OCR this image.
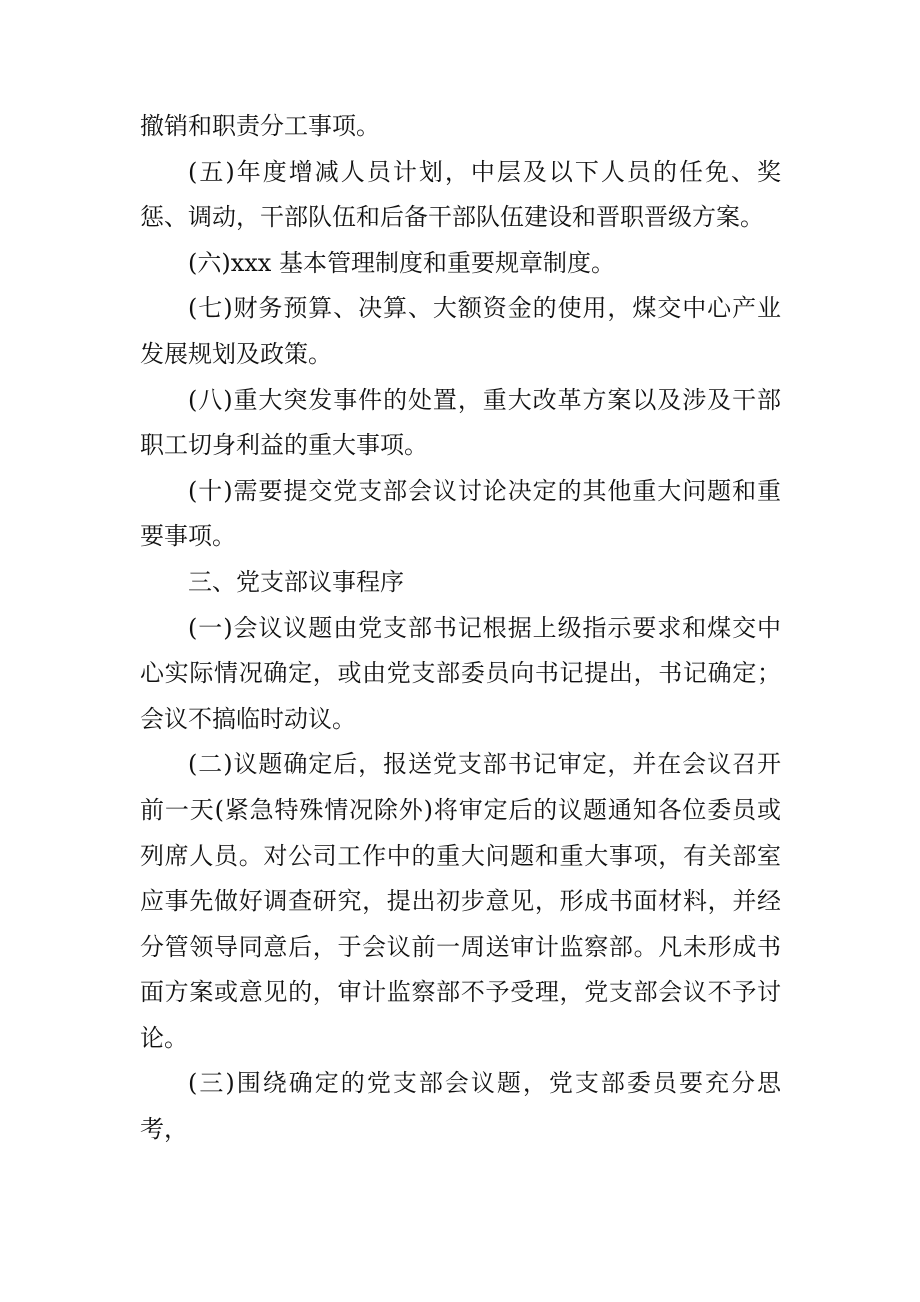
撤销和职责分工事项。

(五)年度增减人员计划，中层及以下人员的任免、奖惩、调动，干部队伍和后备干部队伍建设和晋职晋级方案。

(六)xxx 基本管理制度和重要规章制度。

(七)财务预算、决算、大额资金的使用，煤交中心产业发展规划及政策。

(八)重大突发事件的处置，重大改革方案以及涉及干部职工切身利益的重大事项。

(十)需要提交党支部会议讨论决定的其他重大问题和重要事项。

三、党支部议事程序

(一)会议议题由党支部书记根据上级指示要求和煤交中心实际情况确定，或由党支部委员向书记提出，书记确定；会议不搞临时动议。

(二)议题确定后，报送党支部书记审定，并在会议召开前一天(紧急特殊情况除外)将审定后的议题通知各位委员或列席人员。对公司工作中的重大问题和重大事项，有关部室应事先做好调查研究，提出初步意见，形成书面材料，并经分管领导同意后，于会议前一周送审计监察部。凡未形成书面方案或意见的，审计监察部不予受理，党支部会议不予讨论。

(三)围绕确定的党支部会议题，党支部委员要充分思考，
